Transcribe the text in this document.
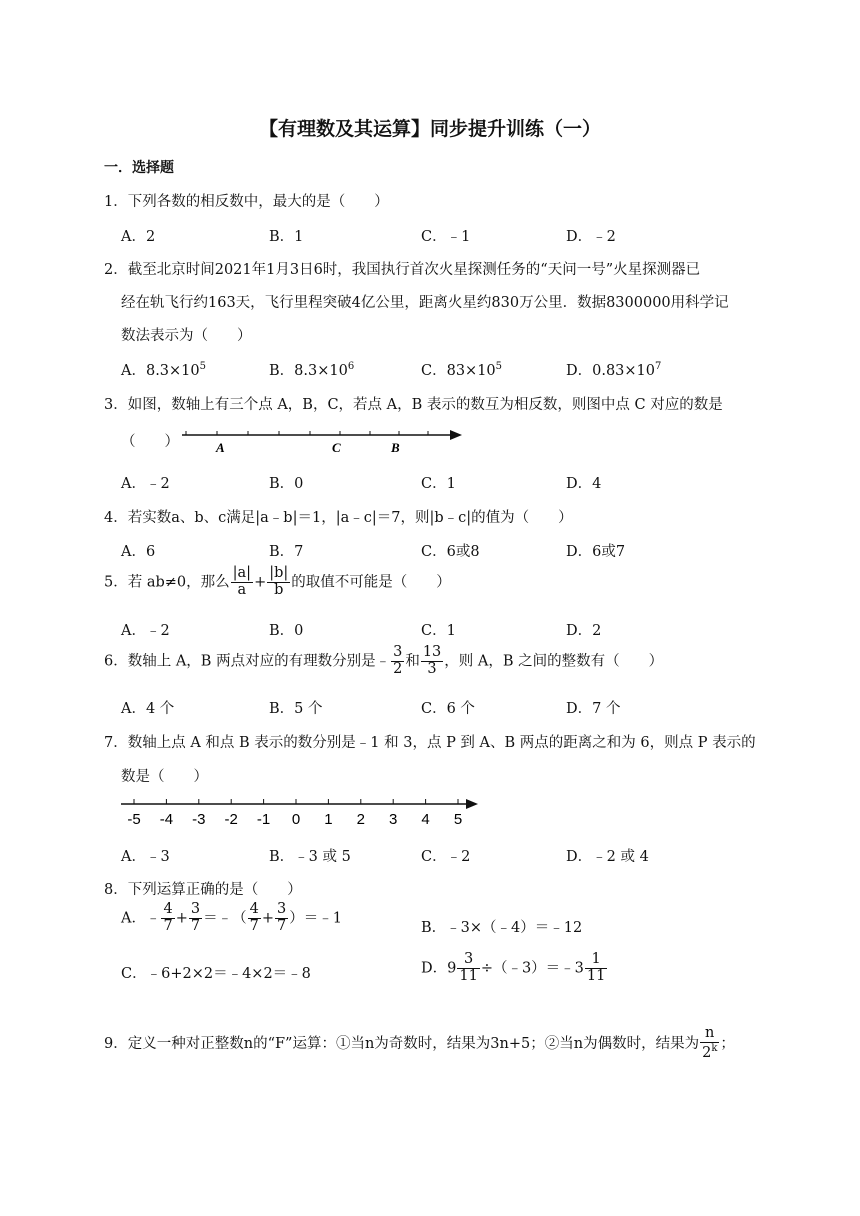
【有理数及其运算】同步提升训练（一）
一．选择题
1．下列各数的相反数中，最大的是（　　）
A．2	B．1	C．﹣1	D．﹣2
2．截至北京时间2021年1月3日6时，我国执行首次火星探测任务的“天问一号”火星探测器已
经在轨飞行约163天，飞行里程突破4亿公里，距离火星约830万公里．数据8300000用科学记
数法表示为（　　）
A．$8.3\times 10^5$	B．$8.3\times 10^6$	C．$83\times 10^5$	D．$0.83\times 10^7$
3．如图，数轴上有三个点 A，B，C，若点 A，B 表示的数互为相反数，则图中点 C 对应的数是
（　　）	A	C	B
A．﹣2	B．0	C．1	D．4
4．若实数a、b、c满足|a﹣b|＝1，|a﹣c|＝7，则|b﹣c|的值为（　　）
A．6	B．7	C．6或8	D．6或7
5．若 ab≠0，那么 $\frac{|a|}{a} + \frac{|b|}{b}$ 的取值不可能是（　　）
A．﹣2	B．0	C．1	D．2
6．数轴上 A，B 两点对应的有理数分别是﹣ $\frac{3}{2}$ 和 $\frac{13}{3}$ ，则 A，B 之间的整数有（　　）
A．4 个	B．5 个	C．6 个	D．7 个
7．数轴上点 A 和点 B 表示的数分别是﹣1 和 3，点 P 到 A、B 两点的距离之和为 6，则点 P 表示的
数是（　　）
-5 -4 -3 -2 -1 0 1 2 3 4 5
A．﹣3	B．﹣3 或 5	C．﹣2	D．﹣2 或 4
8．下列运算正确的是（　　）
A．﹣ $\frac{4}{7} + \frac{3}{7}$ ＝﹣（ $\frac{4}{7} + \frac{3}{7}$ ）＝﹣1
B．﹣3×（﹣4）＝﹣12
C．﹣6+2×2＝﹣4×2＝﹣8	D．$9 \frac{3}{11}$ ÷（﹣3）＝﹣3 $\frac{1}{11}$
9．定义一种对正整数n的“F”运算：①当n为奇数时，结果为3n+5；②当n为偶数时，结果为 $\frac{n}{2^k}$ ；
